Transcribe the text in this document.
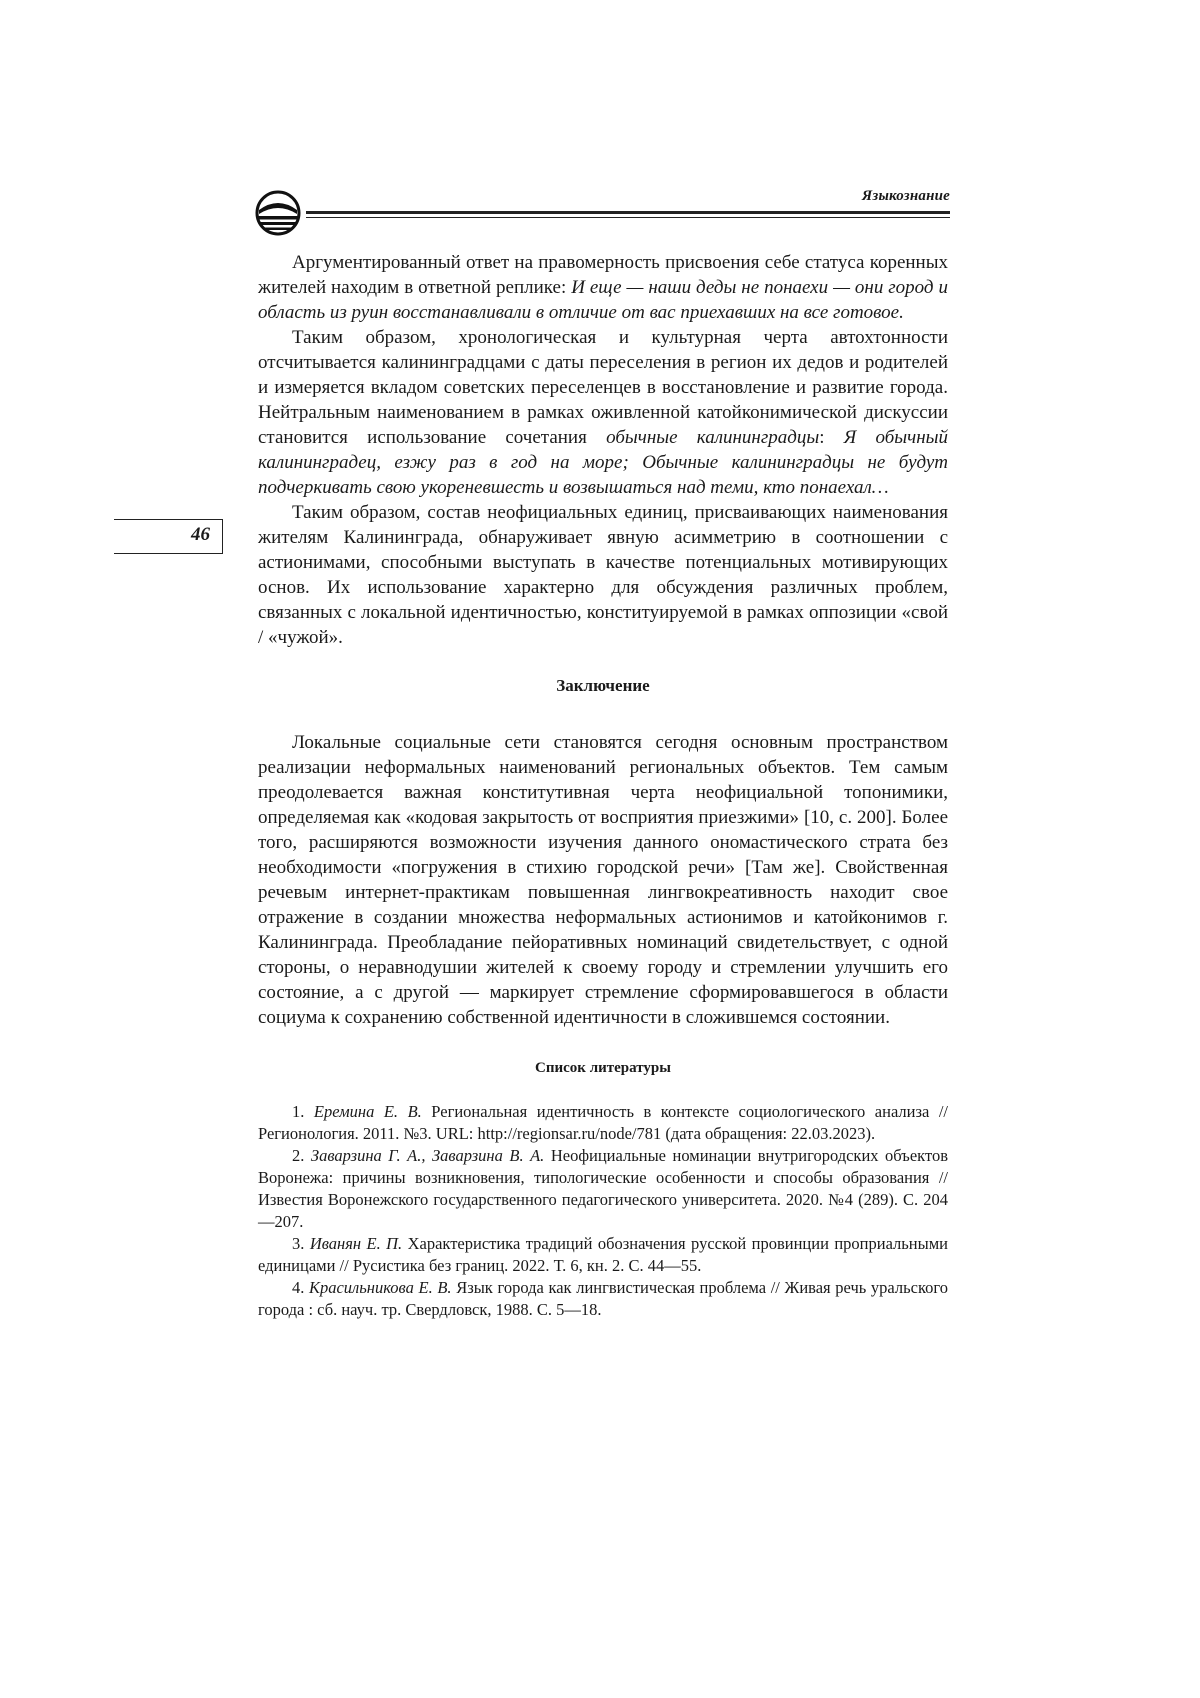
Языкознание
46

Аргументированный ответ на правомерность присвоения себе статуса коренных жителей находим в ответной реплике: И еще — наши деды не понаехи — они город и область из руин восстанавливали в отличие от вас приехавших на все готовое.

Таким образом, хронологическая и культурная черта автохтонности отсчитывается калининградцами с даты переселения в регион их дедов и родителей и измеряется вкладом советских переселенцев в восстановление и развитие города. Нейтральным наименованием в рамках оживленной катойконимической дискуссии становится использование сочетания обычные калининградцы: Я обычный калининградец, езжу раз в год на море; Обычные калининградцы не будут подчеркивать свою укореневшесть и возвышаться над теми, кто понаехал…

Таким образом, состав неофициальных единиц, присваивающих наименования жителям Калининграда, обнаруживает явную асимметрию в соотношении с астионимами, способными выступать в качестве потенциальных мотивирующих основ. Их использование характерно для обсуждения различных проблем, связанных с локальной идентичностью, конституируемой в рамках оппозиции «свой / «чужой».

Заключение

Локальные социальные сети становятся сегодня основным пространством реализации неформальных наименований региональных объектов. Тем самым преодолевается важная конститутивная черта неофициальной топонимики, определяемая как «кодовая закрытость от восприятия приезжими» [10, с. 200]. Более того, расширяются возможности изучения данного ономастического страта без необходимости «погружения в стихию городской речи» [Там же]. Свойственная речевым интернет-практикам повышенная лингвокреативность находит свое отражение в создании множества неформальных астионимов и катойконимов г. Калининграда. Преобладание пейоративных номинаций свидетельствует, с одной стороны, о неравнодушии жителей к своему городу и стремлении улучшить его состояние, а с другой — маркирует стремление сформировавшегося в области социума к сохранению собственной идентичности в сложившемся состоянии.

Список литературы

1. Еремина Е. В. Региональная идентичность в контексте социологического анализа // Регионология. 2011. №3. URL: http://regionsar.ru/node/781 (дата обращения: 22.03.2023).

2. Заварзина Г. А., Заварзина В. А. Неофициальные номинации внутригородских объектов Воронежа: причины возникновения, типологические особенности и способы образования // Известия Воронежского государственного педагогического университета. 2020. №4 (289). С. 204—207.

3. Иванян Е. П. Характеристика традиций обозначения русской провинции проприальными единицами // Русистика без границ. 2022. Т. 6, кн. 2. С. 44—55.

4. Красильникова Е. В. Язык города как лингвистическая проблема // Живая речь уральского города : сб. науч. тр. Свердловск, 1988. С. 5—18.
